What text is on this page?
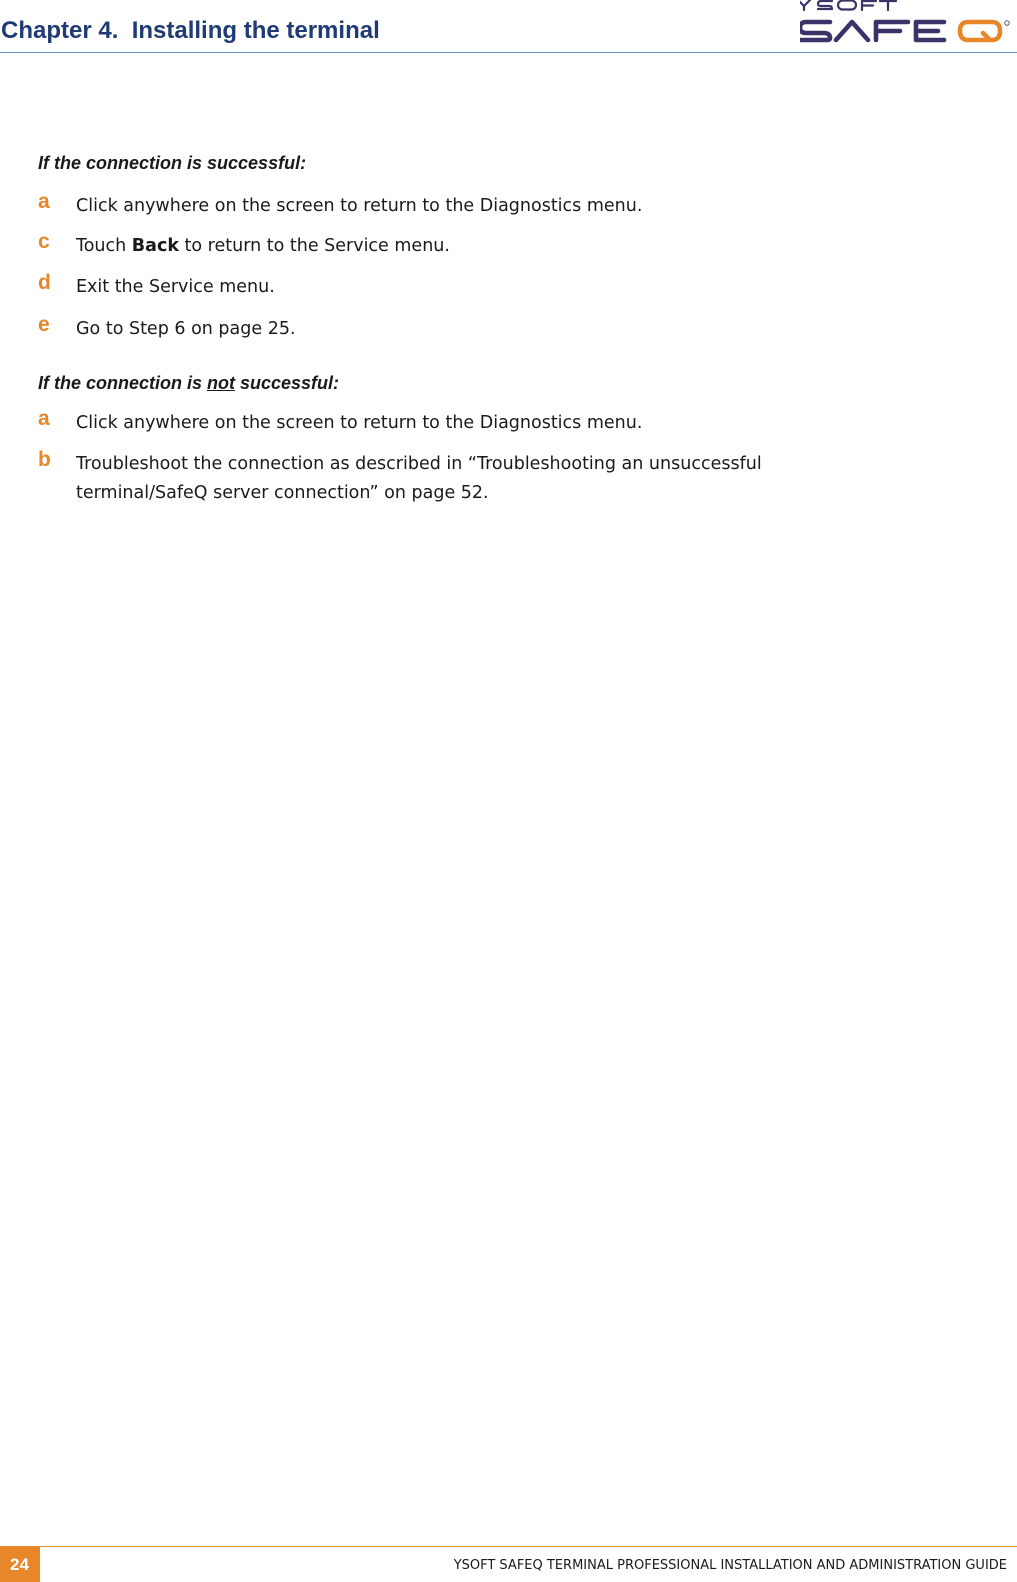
Chapter 4.  Installing the terminal
If the connection is successful:
a Click anywhere on the screen to return to the Diagnostics menu.
c Touch Back to return to the Service menu.
d Exit the Service menu.
e Go to Step 6 on page 25.
If the connection is not successful:
a Click anywhere on the screen to return to the Diagnostics menu.
b Troubleshoot the connection as described in “Troubleshooting an unsuccessful
terminal/SafeQ server connection” on page 52.
24	YSOFT SAFEQ TERMINAL PROFESSIONAL INSTALLATION AND ADMINISTRATION GUIDE
